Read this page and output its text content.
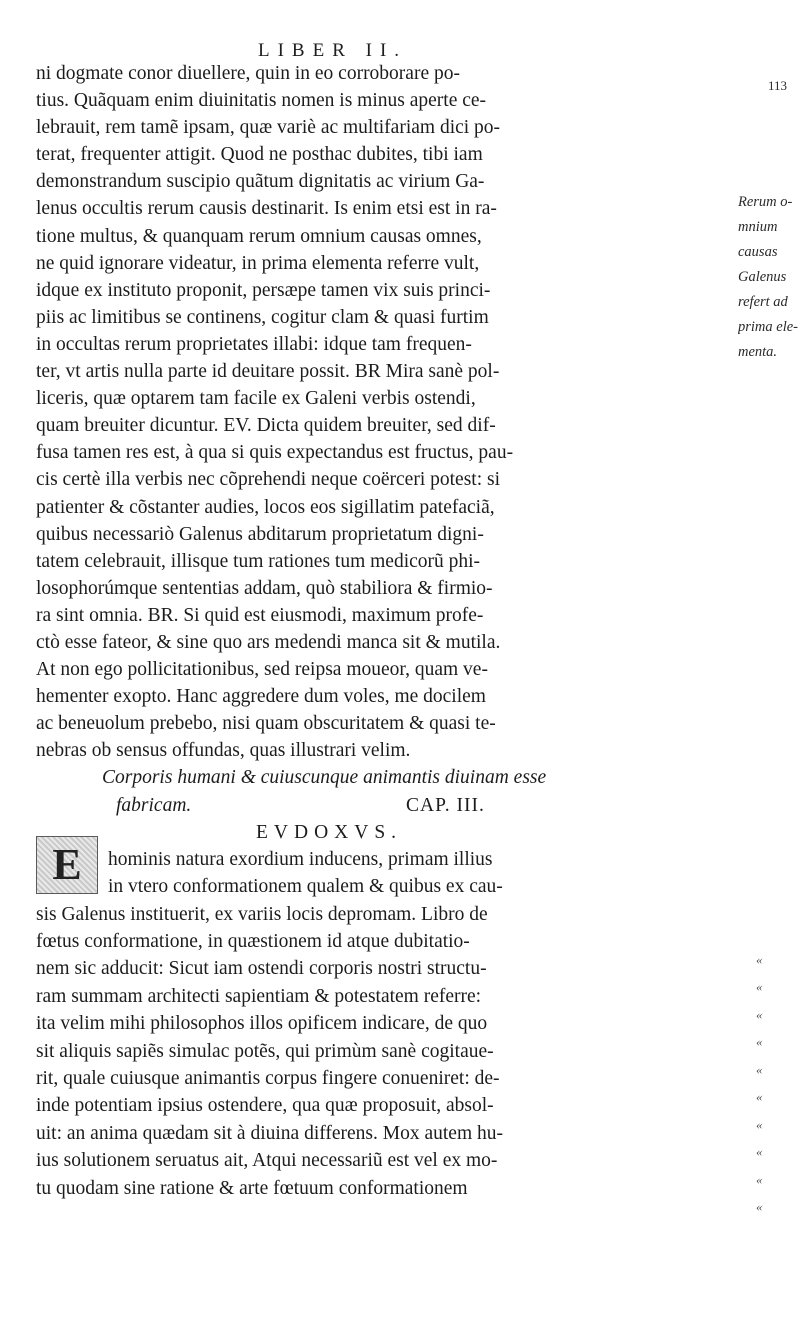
LIBER II.
113
ni dogmate conor diuellere, quin in eo corroborare po-
tius. Quãquam enim diuinitatis nomen is minus aperte ce-
lebrauit, rem tamẽ ipsam, quæ variè ac multifariam dici po-
terat, frequenter attigit. Quod ne posthac dubites, tibi iam
demonstrandum suscipio quãtum dignitatis ac virium Ga-
lenus occultis rerum causis destinarit. Is enim etsi est in ra-
tione multus, & quanquam rerum omnium causas omnes,
ne quid ignorare videatur, in prima elementa referre vult,
idque ex instituto proponit, persæpe tamen vix suis princi-
piis ac limitibus se continens, cogitur clam & quasi furtim
in occultas rerum proprietates illabi: idque tam frequen-
ter, vt artis nulla parte id deuitare possit. BR Mira sanè pol-
liceris, quæ optarem tam facile ex Galeni verbis ostendi,
quam breuiter dicuntur. EV. Dicta quidem breuiter, sed dif-
fusa tamen res est, à qua si quis expectandus est fructus, pau-
cis certè illa verbis nec cõprehendi neque coërceri potest: si
patienter & cõstanter audies, locos eos sigillatim patefaciã,
quibus necessariò Galenus abditarum proprietatum digni-
tatem celebrauit, illisque tum rationes tum medicorũ phi-
losophorúmque sententias addam, quò stabiliora & firmio-
ra sint omnia. BR. Si quid est eiusmodi, maximum profe-
ctò esse fateor, & sine quo ars medendi manca sit & mutila.
At non ego pollicitationibus, sed reipsa moueor, quam ve-
hementer exopto. Hanc aggredere dum voles, me docilem
ac beneuolum prebebo, nisi quam obscuritatem & quasi te-
nebras ob sensus offundas, quas illustrari velim.
Corporis humani & cuiuscunque animantis diuinam esse
fabricam.	CAP. III.
EVDOXVS.
hominis natura exordium inducens, primam illius
in vtero conformationem qualem & quibus ex cau-
sis Galenus instituerit, ex variis locis depromam. Libro de
fœtus conformatione, in quæstionem id atque dubitatio-
nem sic adducit: Sicut iam ostendi corporis nostri structu-
ram summam architecti sapientiam & potestatem referre:
ita velim mihi philosophos illos opificem indicare, de quo
sit aliquis sapiẽs simulac potẽs, qui primùm sanè cogitaue-
rit, quale cuiusque animantis corpus fingere conueniret: de-
inde potentiam ipsius ostendere, qua quæ proposuit, absol-
uit: an anima quædam sit à diuina differens. Mox autem hu-
ius solutionem seruatus ait, Atqui necessariũ est vel ex mo-
tu quodam sine ratione & arte fœtuum conformationem
E
«
«
«
«
«
«
«
«
«
«
Rerum o-
mnium
causas
Galenus
refert ad
prima ele-
menta.
